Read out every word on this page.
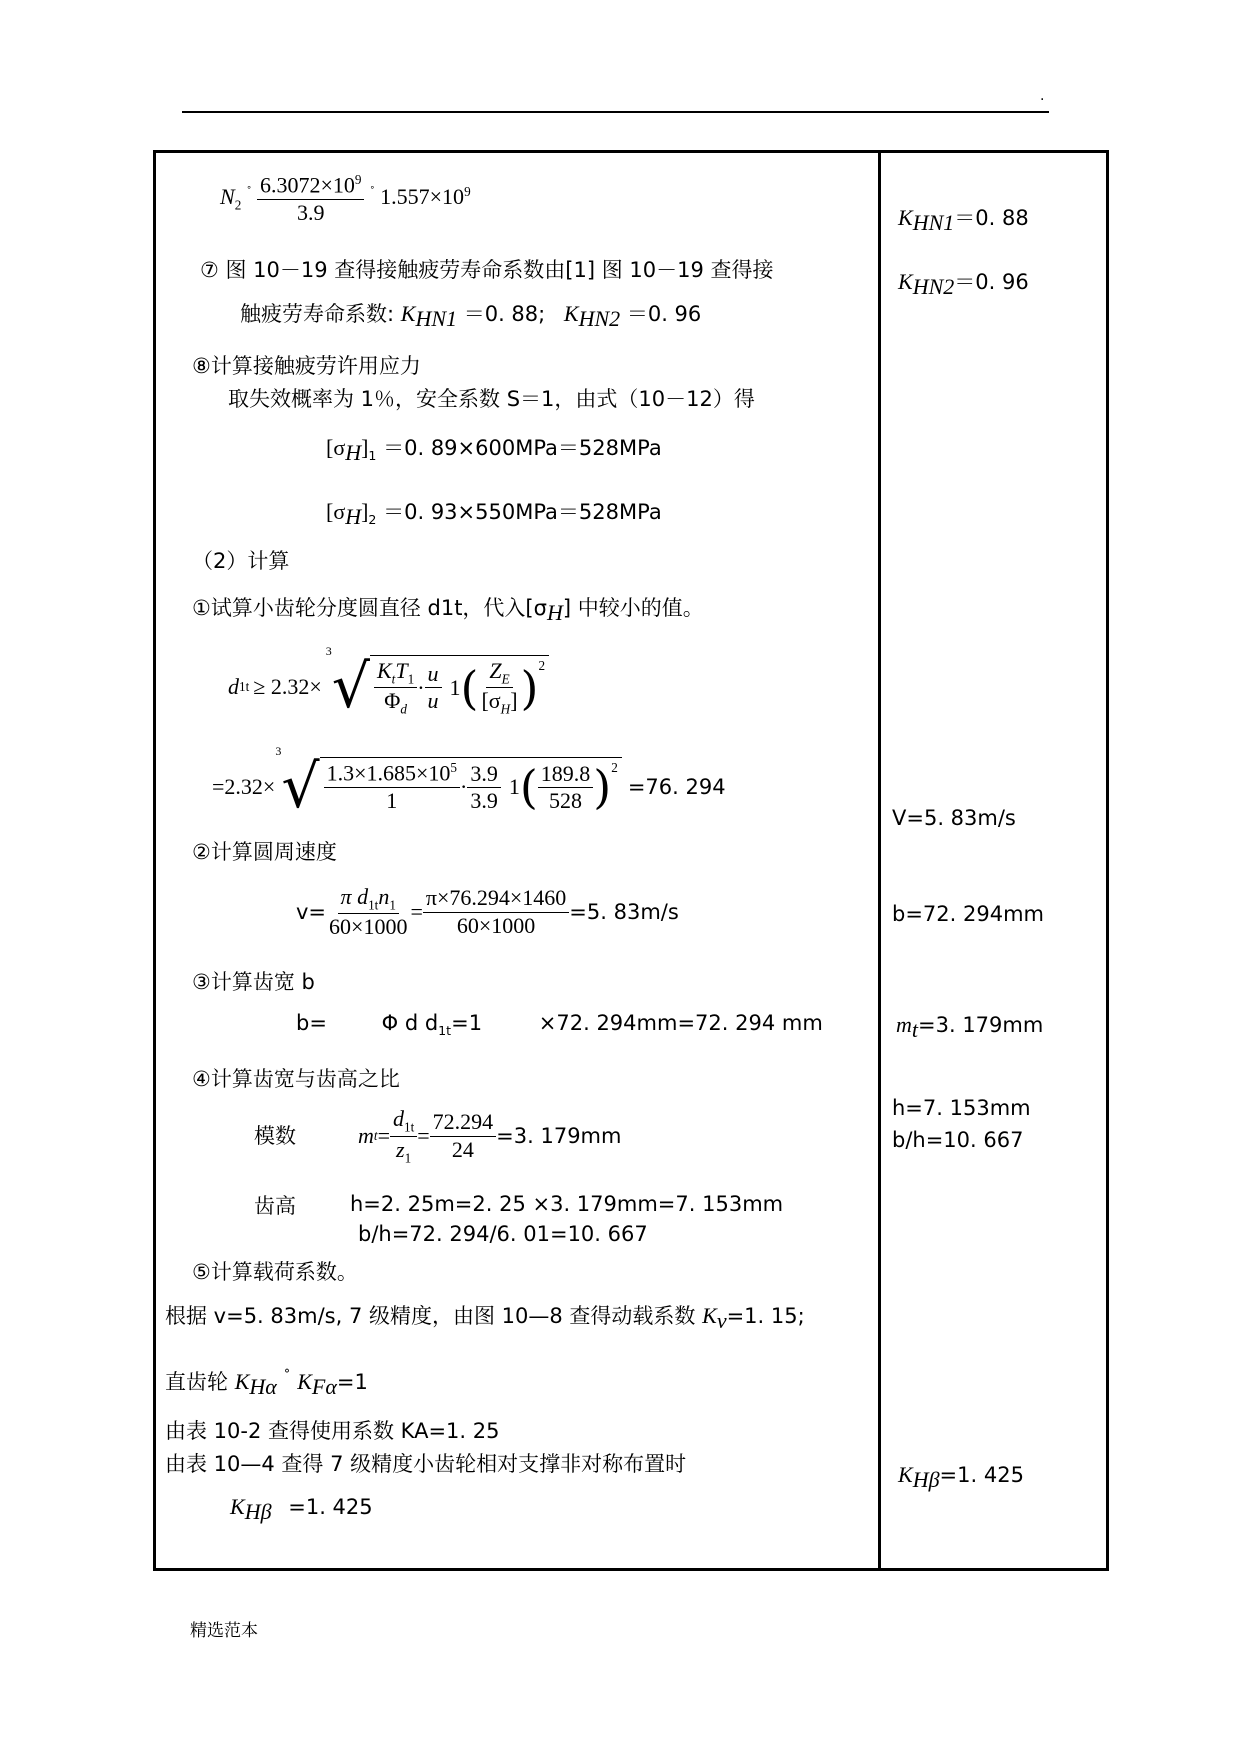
.
$N_2$ $^˚ \frac{6.3072\times 10^9}{3.9} ^˚$ $1.557\times 10^9$
⑦ 图 10－19 查得接触疲劳寿命系数由[1] 图 10－19 查得接
触疲劳寿命系数: $K_{HN1} =0$. 88; $K_{HN2} =0$. 96
⑧计算接触疲劳许用应力
取失效概率为 1％，安全系数 S＝1，由式（10－12）得
$[\sigma_H]_1 =0$. 89×600MPa＝528MPa
$[\sigma_H]_2 =0$. 93×550MPa＝528MPa
（2）计算
①试算小齿轮分度圆直径 d1t，代入$[\sigma_H]$ 中较小的值。
d 1t ≥ 2.32×
3
√ $\frac{K_tT_1}{\Phi_d} \cdot \frac{u}{u} 1$ ( $\frac{Z_E}{[\sigma_H]} )^2$
=2.32×
3
√ $\frac{1.3\times 1.685\times 10^5}{1} \cdot \frac{3.9}{3.9} 1$ ( $\frac{189.8}{528} )^2$
=76. 294
②计算圆周速度
$v= \frac{\pi d_{1t}n_1}{60\times 1000} = \frac{\pi\times 76.294\times 1460}{60\times 1000} =5$. 83m/s
③计算齿宽 b
b=	Φ d $d_{1t}=1$	×72. 294mm=72. 294 mm
④计算齿宽与齿高之比
模数	m $t = \frac{d_{1t}}{z_1} = \frac{72.294}{24} =3$. 179mm
齿高	h=2. 25m=2. 25 ×3. 179mm=7. 153mm
b/h=72. 294/6. 01=10. 667
⑤计算载荷系数。
根据 v=5. 83m/s, 7 级精度，由图 10—8 查得动载系数 $K_v=1$. 15;
直齿轮 $K_{H\alpha}$ ˚ $K_{F\alpha}=1$
由表 10-2 查得使用系数 KA=1. 25
由表 10—4 查得 7 级精度小齿轮相对支撑非对称布置时
$K_{H\beta} =1$. 425
$K_{HN1}=0$. 88
$K_{HN2}=0$. 96
V=5. 83m/s
b=72. 294mm
$m_t=3$. 179mm
h=7. 153mm
b/h=10. 667
$K_{H\beta}=1$. 425
精选范本
